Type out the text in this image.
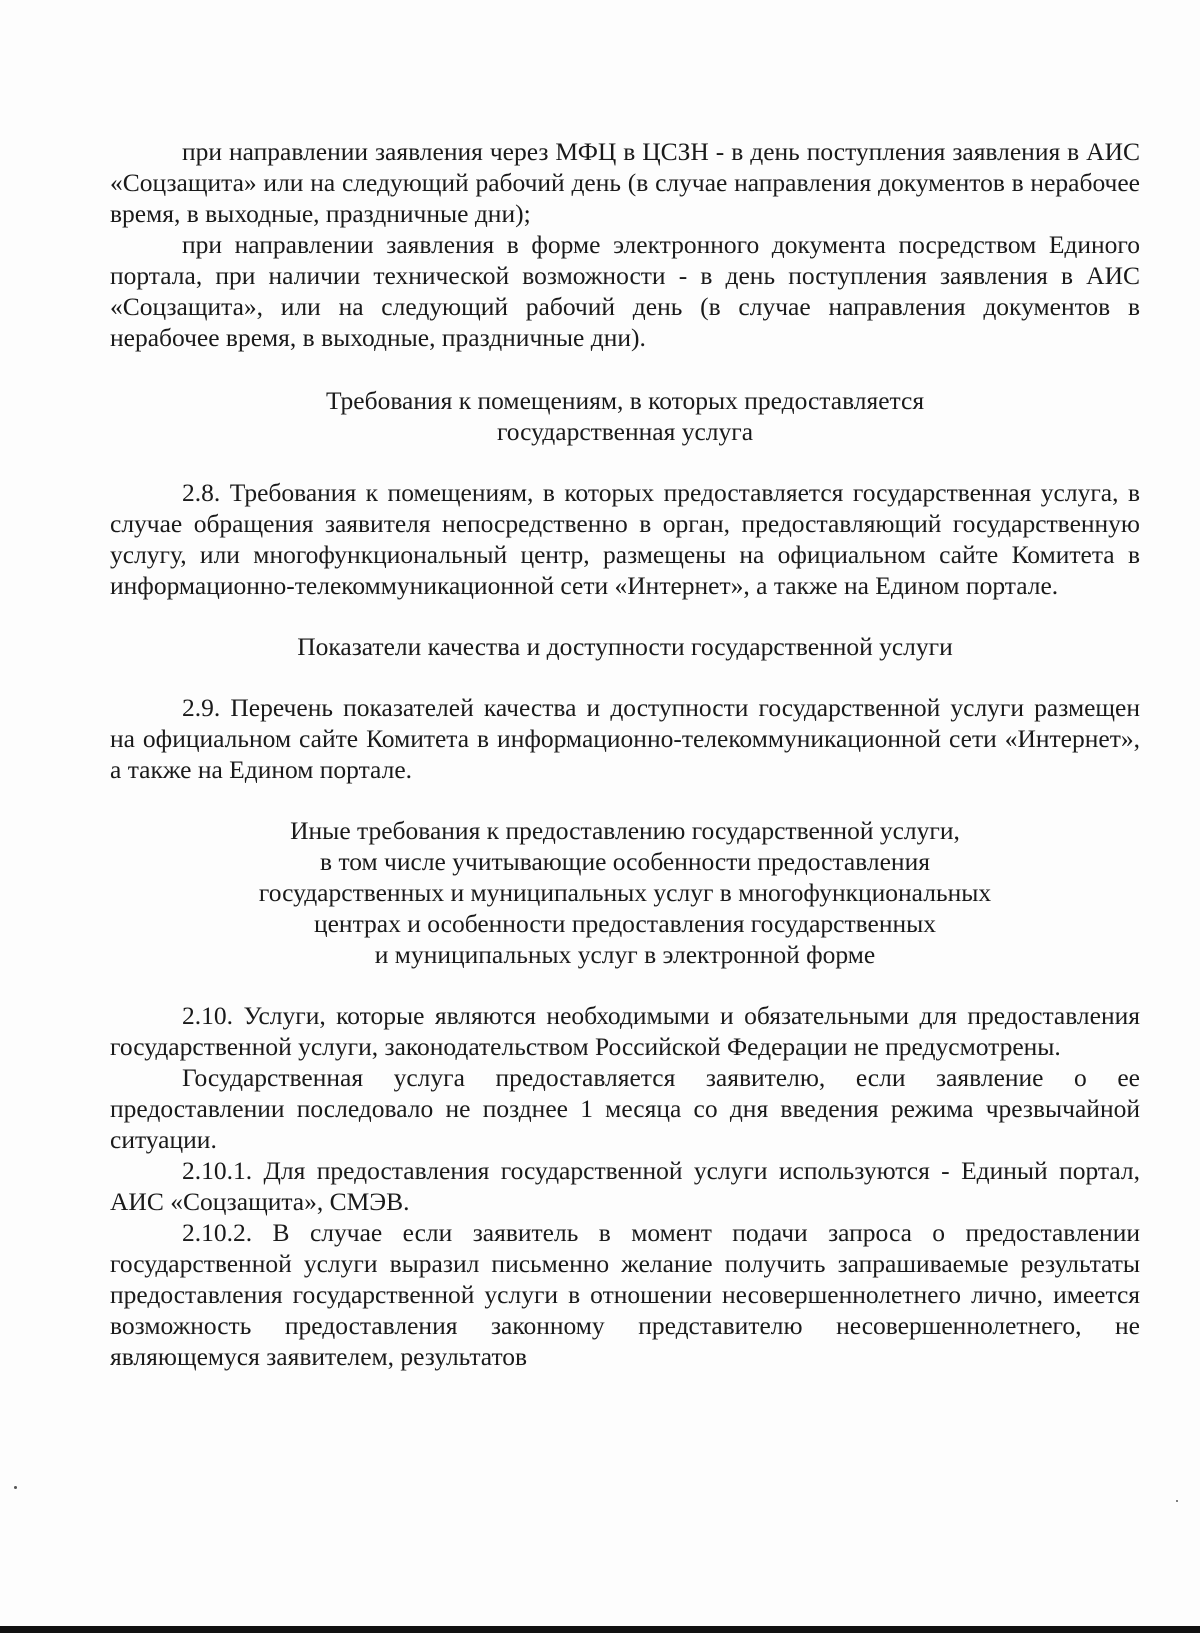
при направлении заявления через МФЦ в ЦСЗН - в день поступления заявления в АИС «Соцзащита» или на следующий рабочий день (в случае направления документов в нерабочее время, в выходные, праздничные дни);

при направлении заявления в форме электронного документа посредством Единого портала, при наличии технической возможности - в день поступления заявления в АИС «Соцзащита», или на следующий рабочий день (в случае направления документов в нерабочее время, в выходные, праздничные дни).

Требования к помещениям, в которых предоставляется
государственная услуга

2.8. Требования к помещениям, в которых предоставляется государственная услуга, в случае обращения заявителя непосредственно в орган, предоставляющий государственную услугу, или многофункциональный центр, размещены на официальном сайте Комитета в информационно-телекоммуникационной сети «Интернет», а также на Едином портале.

Показатели качества и доступности государственной услуги

2.9. Перечень показателей качества и доступности государственной услуги размещен на официальном сайте Комитета в информационно-телекоммуникационной сети «Интернет», а также на Едином портале.

Иные требования к предоставлению государственной услуги,
в том числе учитывающие особенности предоставления
государственных и муниципальных услуг в многофункциональных
центрах и особенности предоставления государственных
и муниципальных услуг в электронной форме

2.10. Услуги, которые являются необходимыми и обязательными для предоставления государственной услуги, законодательством Российской Федерации не предусмотрены.

Государственная услуга предоставляется заявителю, если заявление о ее предоставлении последовало не позднее 1 месяца со дня введения режима чрезвычайной ситуации.

2.10.1. Для предоставления государственной услуги используются - Единый портал, АИС «Соцзащита», СМЭВ.

2.10.2. В случае если заявитель в момент подачи запроса о предоставлении государственной услуги выразил письменно желание получить запрашиваемые результаты предоставления государственной услуги в отношении несовершеннолетнего лично, имеется возможность предоставления законному представителю несовершеннолетнего, не являющемуся заявителем, результатов
